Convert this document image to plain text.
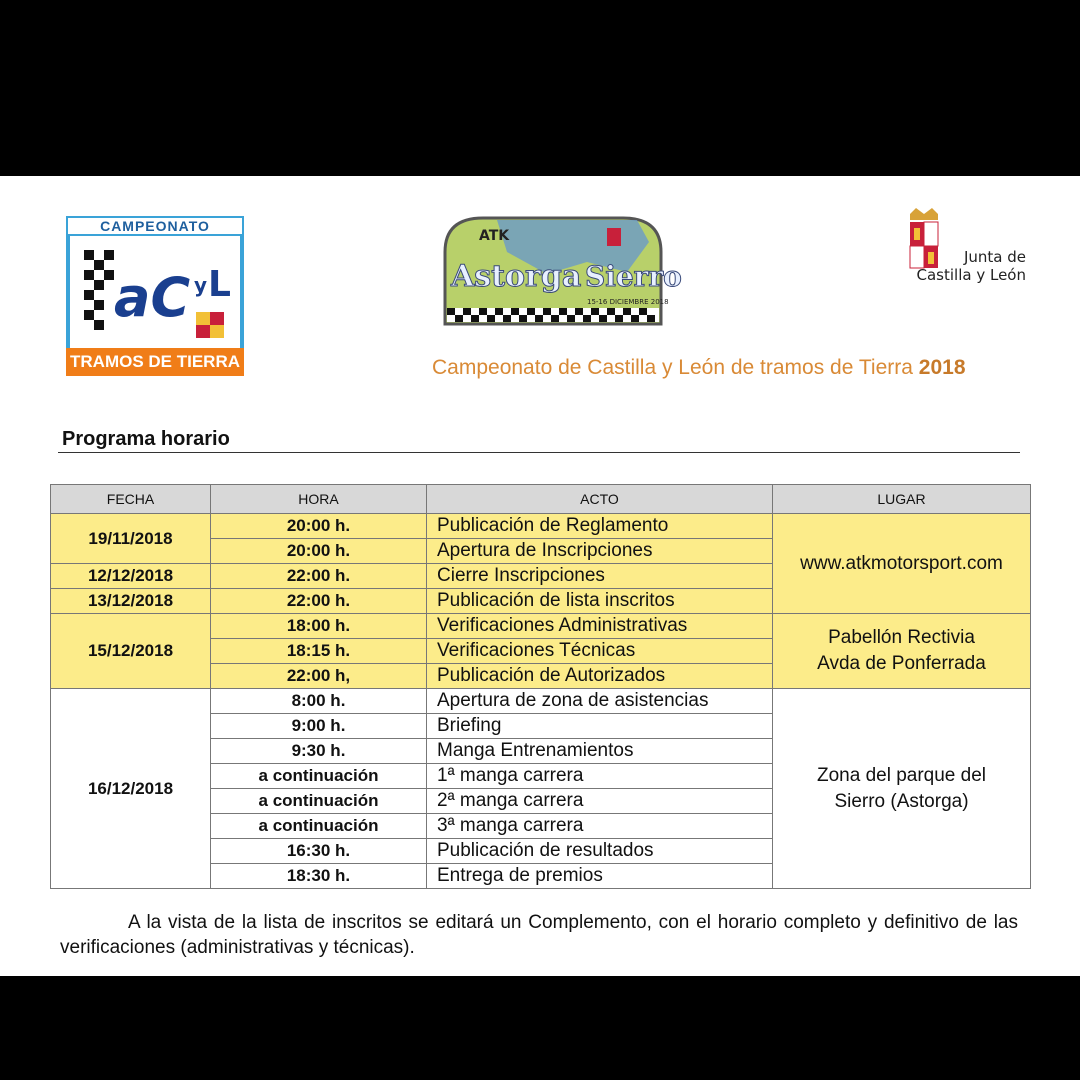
CAMPEONATO
aC y L
TRAMOS DE TIERRA
ATK
Astorga Sierro
15-16 DICIEMBRE 2018
Junta de
Castilla y León
Campeonato de Castilla y León de tramos de Tierra 2018
Programa horario
FECHA	HORA	ACTO	LUGAR
19/11/2018	20:00 h.	Publicación de Reglamento	www.atkmotorsport.com
	20:00 h.	Apertura de Inscripciones	
12/12/2018	22:00 h.	Cierre Inscripciones	
13/12/2018	22:00 h.	Publicación de lista inscritos	
15/12/2018	18:00 h.	Verificaciones Administrativas	Pabellón Rectivia
Avda de Ponferrada

	18:15 h.	Verificaciones Técnicas	
	22:00 h,	Publicación de Autorizados	
16/12/2018	8:00 h.	Apertura de zona de asistencias	Zona del parque del
Sierro (Astorga)

	9:00 h.	Briefing	
	9:30 h.	Manga Entrenamientos	
	a continuación	1ª manga carrera	
	a continuación	2ª manga carrera	
	a continuación	3ª manga carrera	
	16:30 h.	Publicación de resultados	
	18:30 h.	Entrega de premios	
A la vista de la lista de inscritos se editará un Complemento, con el horario completo y definitivo de las verificaciones (administrativas y técnicas).
